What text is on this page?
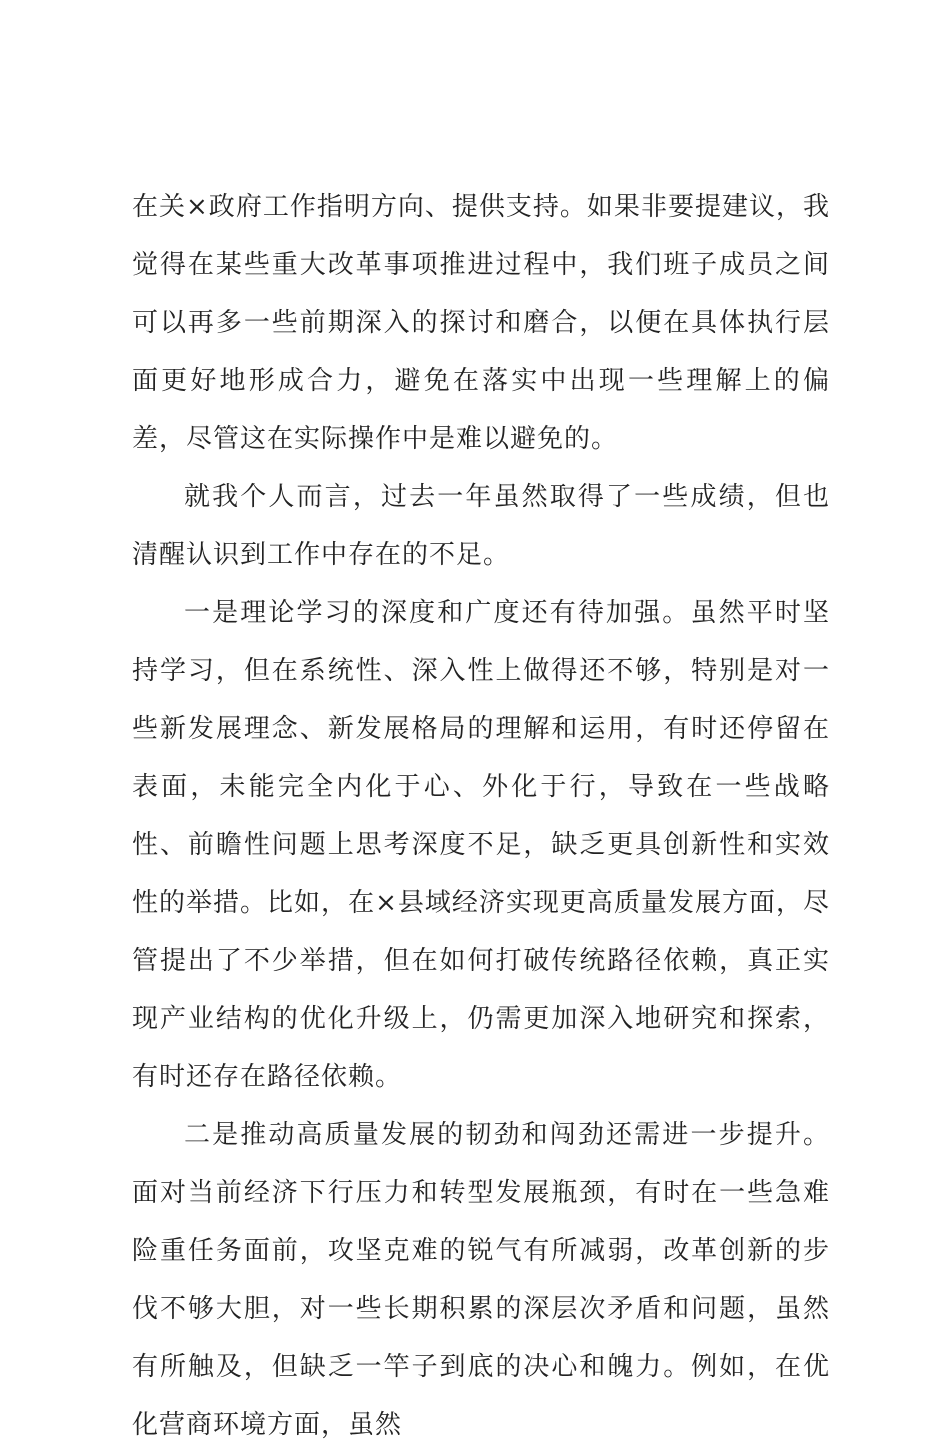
在关×政府工作指明方向、提供支持。如果非要提建议，我觉得在某些重大改革事项推进过程中，我们班子成员之间可以再多一些前期深入的探讨和磨合，以便在具体执行层面更好地形成合力，避免在落实中出现一些理解上的偏差，尽管这在实际操作中是难以避免的。

就我个人而言，过去一年虽然取得了一些成绩，但也清醒认识到工作中存在的不足。

一是理论学习的深度和广度还有待加强。虽然平时坚持学习，但在系统性、深入性上做得还不够，特别是对一些新发展理念、新发展格局的理解和运用，有时还停留在表面，未能完全内化于心、外化于行，导致在一些战略性、前瞻性问题上思考深度不足，缺乏更具创新性和实效性的举措。比如，在×县域经济实现更高质量发展方面，尽管提出了不少举措，但在如何打破传统路径依赖，真正实现产业结构的优化升级上，仍需更加深入地研究和探索，有时还存在路径依赖。

二是推动高质量发展的韧劲和闯劲还需进一步提升。面对当前经济下行压力和转型发展瓶颈，有时在一些急难险重任务面前，攻坚克难的锐气有所减弱，改革创新的步伐不够大胆，对一些长期积累的深层次矛盾和问题，虽然有所触及，但缺乏一竿子到底的决心和魄力。例如，在优化营商环境方面，虽然
